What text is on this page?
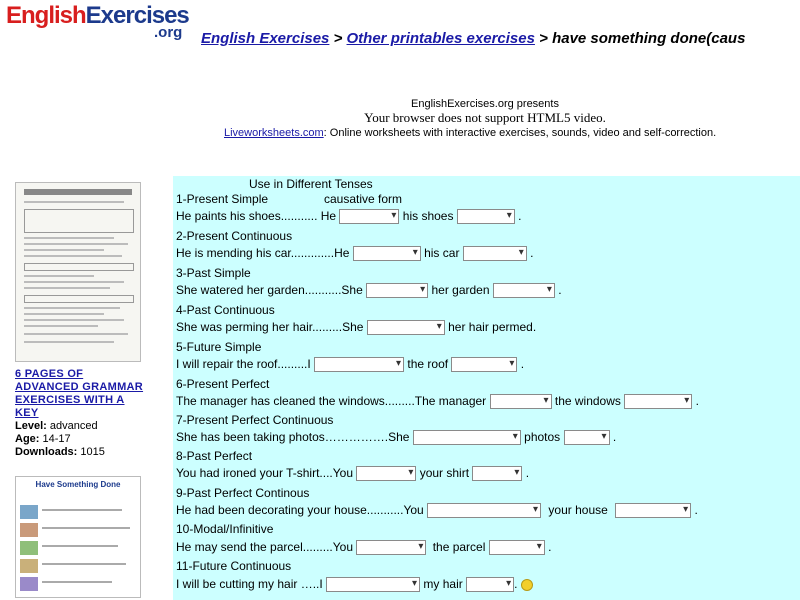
EnglishExercises
.org English Exercises > Other printables exercises > have something done(caus
EnglishExercises.org presents
Your browser does not support HTML5 video.
Liveworksheets.com: Online worksheets with interactive exercises, sounds, video and self-correction.
6 PAGES OF ADVANCED GRAMMAR EXERCISES WITH A KEY
Level: advanced
Age: 14-17
Downloads: 1015
Have Something Done
Use in Different Tenses
1-Present Simple	causative form
He paints his shoes........... He ▾	his shoes ▾	.
2-Present Continuous
He is mending his car.............He ▾	his car ▾	.
3-Past Simple
She watered her garden...........She ▾	her garden ▾	.
4-Past Continuous
She was perming her hair.........She ▾	her hair permed.
5-Future Simple
I will repair the roof.........I ▾	the roof ▾	.
6-Present Perfect
The manager has cleaned the windows.........The manager ▾	the windows ▾	.
7-Present Perfect Continuous
She has been taking photos…………….She ▾	photos ▾	.
8-Past Perfect
You had ironed your T-shirt....You ▾	your shirt ▾	.
9-Past Perfect Continous
He had been decorating your house...........You ▾	your house ▾	.
10-Modal/Infinitive
He may send the parcel.........You ▾	the parcel ▾	.
11-Future Continuous
I will be cutting my hair …..I ▾	my hair ▾	.
